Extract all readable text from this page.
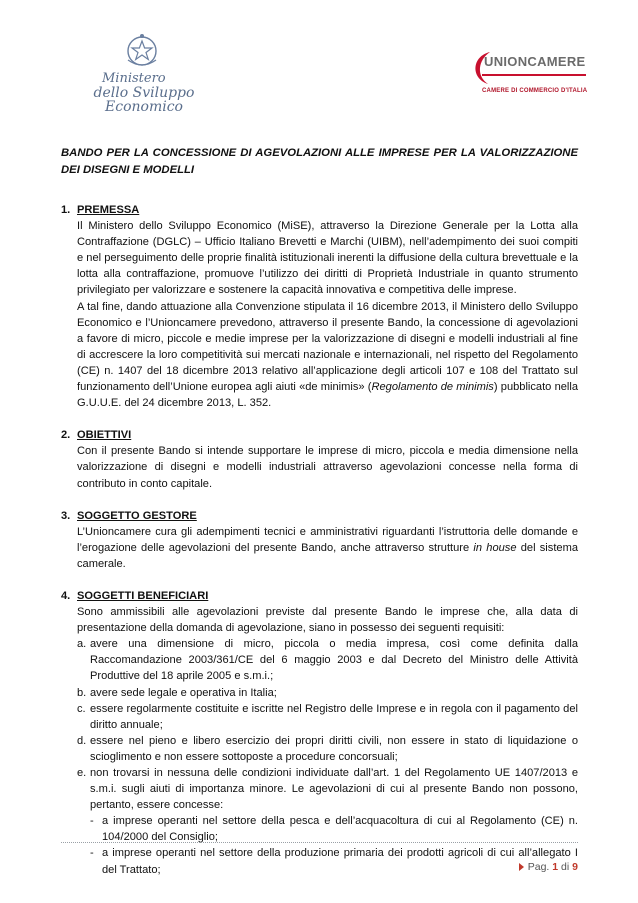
Ministero
dello Sviluppo Economico
UNIONCAMERE
CAMERE DI COMMERCIO D'ITALIA
BANDO PER LA CONCESSIONE DI AGEVOLAZIONI ALLE IMPRESE PER LA VALORIZZAZIONE DEI DISEGNI E MODELLI
1. PREMESSA

Il Ministero dello Sviluppo Economico (MiSE), attraverso la Direzione Generale per la Lotta alla Contraffazione (DGLC) – Ufficio Italiano Brevetti e Marchi (UIBM), nell’adempimento dei suoi compiti e nel perseguimento delle proprie finalità istituzionali inerenti la diffusione della cultura brevettuale e la lotta alla contraffazione, promuove l’utilizzo dei diritti di Proprietà Industriale in quanto strumento privilegiato per valorizzare e sostenere la capacità innovativa e competitiva delle imprese.

A tal fine, dando attuazione alla Convenzione stipulata il 16 dicembre 2013, il Ministero dello Sviluppo Economico e l’Unioncamere prevedono, attraverso il presente Bando, la concessione di agevolazioni a favore di micro, piccole e medie imprese per la valorizzazione di disegni e modelli industriali al fine di accrescere la loro competitività sui mercati nazionale e internazionali, nel rispetto del Regolamento (CE) n. 1407 del 18 dicembre 2013 relativo all’applicazione degli articoli 107 e 108 del Trattato sul funzionamento dell’Unione europea agli aiuti «de minimis» (Regolamento de minimis) pubblicato nella G.U.U.E. del 24 dicembre 2013, L. 352.

2. OBIETTIVI

Con il presente Bando si intende supportare le imprese di micro, piccola e media dimensione nella valorizzazione di disegni e modelli industriali attraverso agevolazioni concesse nella forma di contributo in conto capitale.

3. SOGGETTO GESTORE

L’Unioncamere cura gli adempimenti tecnici e amministrativi riguardanti l’istruttoria delle domande e l’erogazione delle agevolazioni del presente Bando, anche attraverso strutture in house del sistema camerale.

4. SOGGETTI BENEFICIARI

Sono ammissibili alle agevolazioni previste dal presente Bando le imprese che, alla data di presentazione della domanda di agevolazione, siano in possesso dei seguenti requisiti:

a. avere una dimensione di micro, piccola o media impresa, così come definita dalla Raccomandazione 2003/361/CE del 6 maggio 2003 e dal Decreto del Ministro delle Attività Produttive del 18 aprile 2005 e s.m.i.;
b. avere sede legale e operativa in Italia;
c. essere regolarmente costituite e iscritte nel Registro delle Imprese e in regola con il pagamento del diritto annuale;
d. essere nel pieno e libero esercizio dei propri diritti civili, non essere in stato di liquidazione o scioglimento e non essere sottoposte a procedure concorsuali;
e. non trovarsi in nessuna delle condizioni individuate dall’art. 1 del Regolamento UE 1407/2013 e s.m.i. sugli aiuti di importanza minore. Le agevolazioni di cui al presente Bando non possono, pertanto, essere concesse:
- a imprese operanti nel settore della pesca e dell’acquacoltura di cui al Regolamento (CE) n. 104/2000 del Consiglio;
- a imprese operanti nel settore della produzione primaria dei prodotti agricoli di cui all’allegato I del Trattato;	Pag. 1 di 9
